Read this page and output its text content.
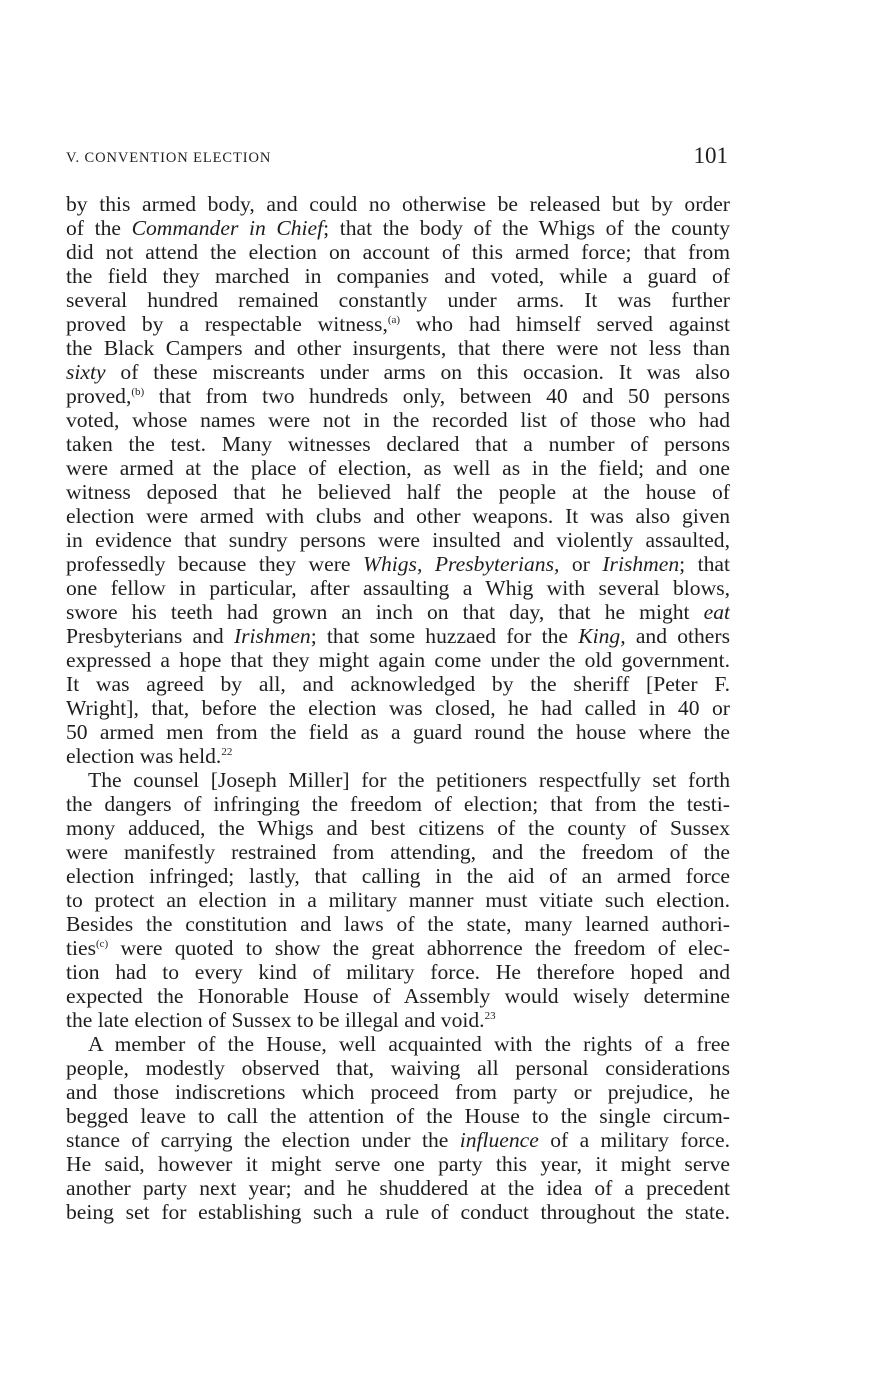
V. CONVENTION ELECTION	101
by this armed body, and could no otherwise be released but by order
of the Commander in Chief; that the body of the Whigs of the county
did not attend the election on account of this armed force; that from
the field they marched in companies and voted, while a guard of
several hundred remained constantly under arms. It was further
proved by a respectable witness,$^{(a)}$ who had himself served against
the Black Campers and other insurgents, that there were not less than
sixty of these miscreants under arms on this occasion. It was also
proved,$^{(b)}$ that from two hundreds only, between 40 and 50 persons
voted, whose names were not in the recorded list of those who had
taken the test. Many witnesses declared that a number of persons
were armed at the place of election, as well as in the field; and one
witness deposed that he believed half the people at the house of
election were armed with clubs and other weapons. It was also given
in evidence that sundry persons were insulted and violently assaulted,
professedly because they were Whigs, Presbyterians, or Irishmen; that
one fellow in particular, after assaulting a Whig with several blows,
swore his teeth had grown an inch on that day, that he might eat
Presbyterians and Irishmen; that some huzzaed for the King, and others
expressed a hope that they might again come under the old government.
It was agreed by all, and acknowledged by the sheriff [Peter F.
Wright], that, before the election was closed, he had called in 40 or
50 armed men from the field as a guard round the house where the
election was held.$^{22}$
The counsel [Joseph Miller] for the petitioners respectfully set forth
the dangers of infringing the freedom of election; that from the testi-
mony adduced, the Whigs and best citizens of the county of Sussex
were manifestly restrained from attending, and the freedom of the
election infringed; lastly, that calling in the aid of an armed force
to protect an election in a military manner must vitiate such election.
Besides the constitution and laws of the state, many learned authori-
ties$^{(c)}$ were quoted to show the great abhorrence the freedom of elec-
tion had to every kind of military force. He therefore hoped and
expected the Honorable House of Assembly would wisely determine
the late election of Sussex to be illegal and void.$^{23}$
A member of the House, well acquainted with the rights of a free
people, modestly observed that, waiving all personal considerations
and those indiscretions which proceed from party or prejudice, he
begged leave to call the attention of the House to the single circum-
stance of carrying the election under the influence of a military force.
He said, however it might serve one party this year, it might serve
another party next year; and he shuddered at the idea of a precedent
being set for establishing such a rule of conduct throughout the state.
